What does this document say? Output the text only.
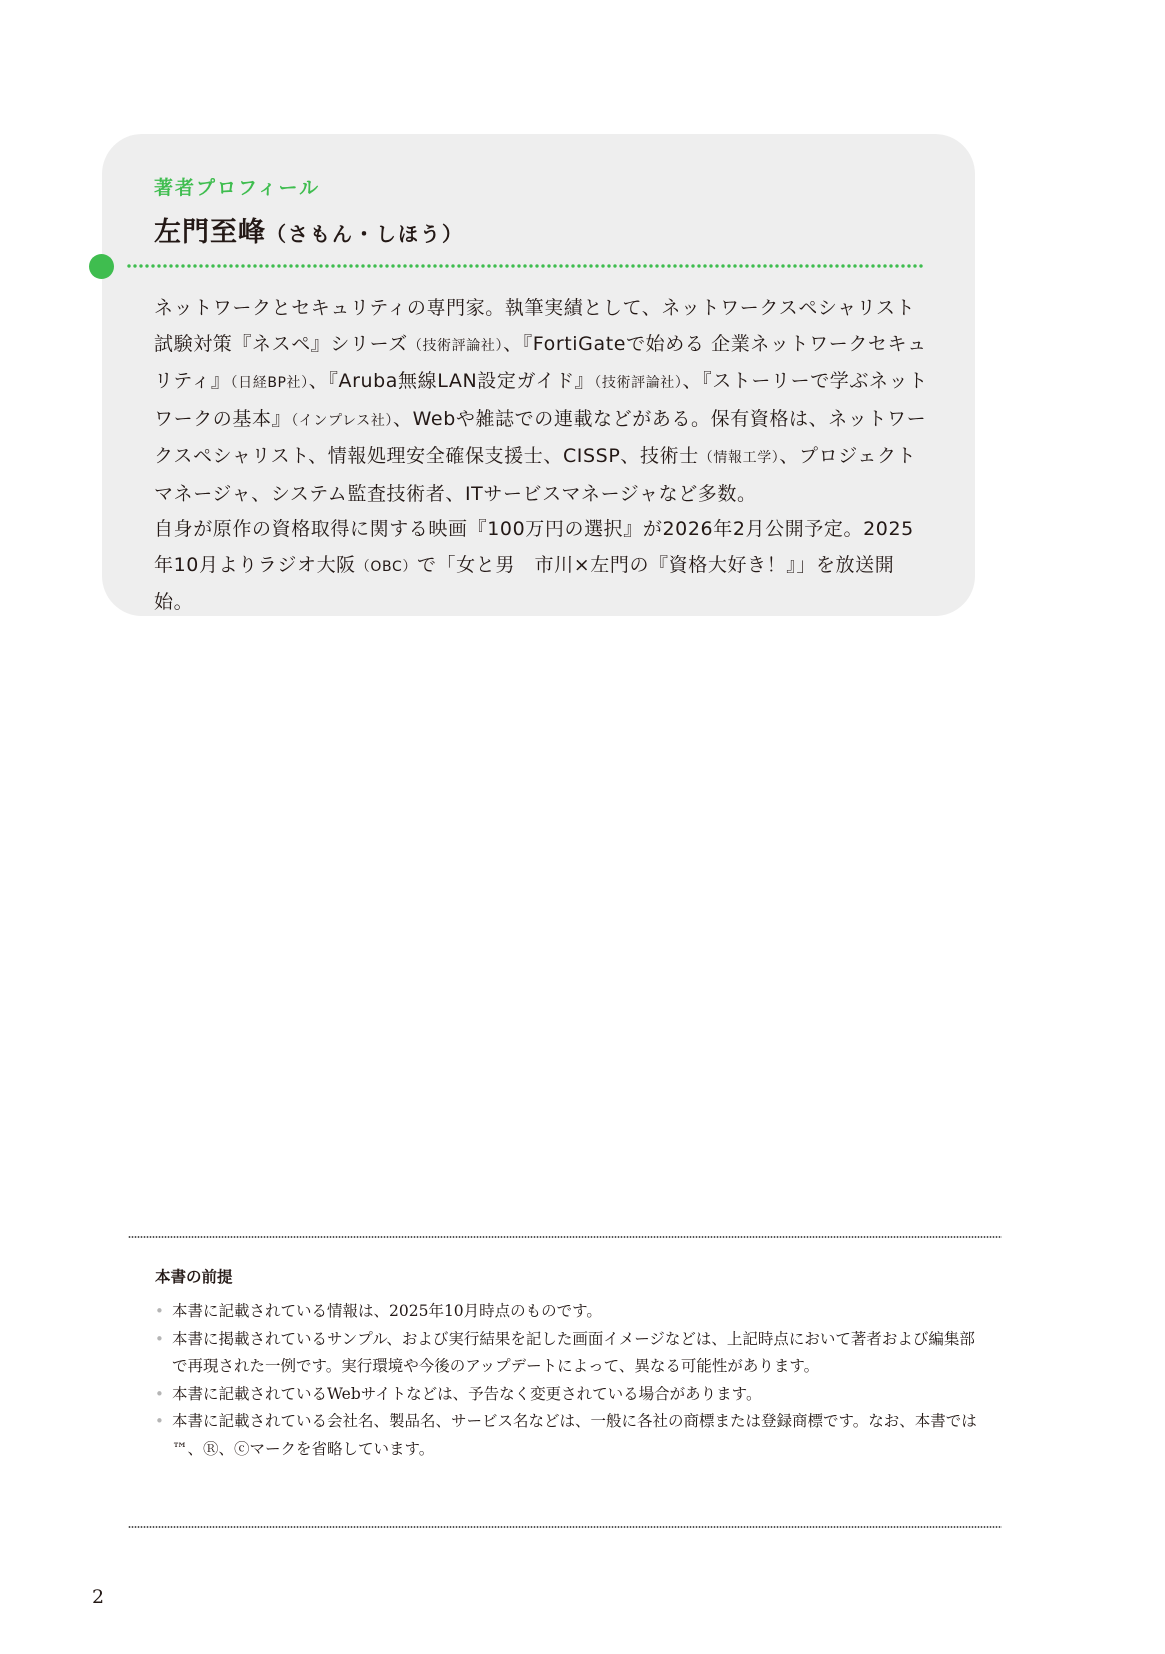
著者プロフィール
左門至峰（さもん・しほう）

ネットワークとセキュリティの専門家。執筆実績として、ネットワークスペシャリスト試験対策『ネスペ』シリーズ（技術評論社）、『FortiGateで始める 企業ネットワークセキュリティ』（日経BP社）、『Aruba無線LAN設定ガイド』（技術評論社）、『ストーリーで学ぶネットワークの基本』（インプレス社）、Webや雑誌での連載などがある。保有資格は、ネットワークスペシャリスト、情報処理安全確保支援士、CISSP、技術士（情報工学）、プロジェクトマネージャ、システム監査技術者、ITサービスマネージャなど多数。

自身が原作の資格取得に関する映画『100万円の選択』が2026年2月公開予定。2025年10月よりラジオ大阪（OBC）で「女と男　市川×左門の『資格大好き！』」を放送開始。

本書の前提
• 本書に記載されている情報は、2025年10月時点のものです。
• 本書に掲載されているサンプル、および実行結果を記した画面イメージなどは、上記時点において著者および編集部で再現された一例です。実行環境や今後のアップデートによって、異なる可能性があります。
• 本書に記載されているWebサイトなどは、予告なく変更されている場合があります。
• 本書に記載されている会社名、製品名、サービス名などは、一般に各社の商標または登録商標です。なお、本書では™、Ⓡ、ⓒマークを省略しています。
2
